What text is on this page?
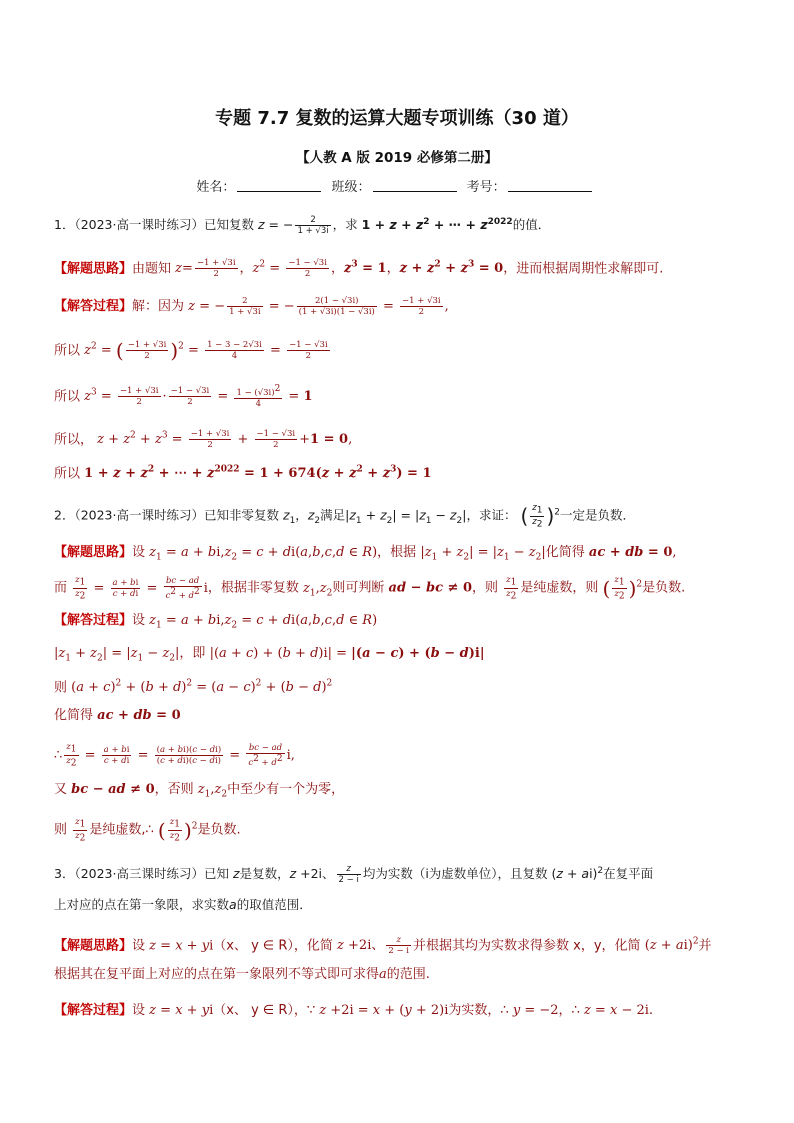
专题 7.7 复数的运算大题专项训练（30 道）
【人教 A 版 2019 必修第二册】
姓名：	班级：	考号：
1．（2023·高一课时练习）已知复数 z = − $\frac{2}{1 + √3i}$ ，求 $1 + z + z^2$ + ⋯ + $z^{2022}$的值．
【解题思路】由题知 $z= \frac{-1 + √3i}{2}$ ，$z^2 = \frac{-1 - √3i}{2}$ ，$z^3 = 1$，$z + z^2 + z^3 = 0$，进而根据周期性求解即可.
【解答过程】解：因为 z = − $\frac{2}{1 + √3i}$ = − $\frac{2(1 - √3i)}{(1 + √3i)(1 - √3i)} = \frac{-1 + √3i}{2}$ ,
所以 $z^2$ = ( $\frac{-1 + √3i}{2} )^2 = \frac{1 - 3 - 2√3i}{4} = \frac{-1 - √3i}{2}$
所以 $z^3 = \frac{-1 + √3i}{2} \cdot \frac{-1 - √3i}{2} = \frac{1 - (√3i)^2}{4} = 1$
所以， $z + z^2 + z^3 = \frac{-1 + √3i}{2} + \frac{-1 - √3i}{2} +1 = 0$,
所以 $1 + z + z^2$ + ⋯ + $z^{2022} = 1 + 674(z + z^2 + z^3) = 1$
2．（2023·高一课时练习）已知非零复数 $z_1$，$z_2$满足$|z_1 + z_2| = |z_1 - z_2|$，求证： ( $\frac{z_1}{z_2} )^2$一定是负数．
【解题思路】设 $z_1 = a + bi,z_2 = c + di(a,b,c,d$ ∈ R)，根据 $|z_1 + z_2| = |z_1 - z_2|$化简得 ac + db = 0,
而 $\frac{z_1}{z_2} = \frac{a + bi}{c + di} = \frac{bc - ad}{c^2 + d^2}$ i，根据非零复数 $z_1,z_2$则可判断 ad − bc ≠ 0，则 $\frac{z_1}{z_2}$ 是纯虚数，则 ( $\frac{z_1}{z_2} )^2$是负数.
【解答过程】设 $z_1 = a + bi,z_2 = c + di(a,b,c,d$ ∈ R)
$|z_1 + z_2| = |z_1 - z_2|$，即 |(a + c) + (b + d)i| = |(a − c) + (b − d)i|
则 $(a + c)^2 + (b + d)^2 = (a - c)^2 + (b - d)^2$
化简得 ac + db = 0
∴ $\frac{z_1}{z_2} = \frac{a + bi}{c + di} = \frac{(a + bi)(c - di)}{(c + di)(c - di)} = \frac{bc - ad}{c^2 + d^2} i$,
又 bc − ad ≠ 0，否则 $z_1,z_2$中至少有一个为零，
则 $\frac{z_1}{z_2}$ 是纯虚数,∴ ( $\frac{z_1}{z_2} )^2$是负数.
3．（2023·高三课时练习）已知 z是复数，z +2i、 $\frac{z}{2 - i}$ 均为实数（i为虚数单位），且复数 (z + ai)$^2$在复平面
上对应的点在第一象限，求实数a的取值范围．
【解题思路】设 z = x + yi（x、 y ∈ R），化简 z +2i、 $\frac{z}{2 - i}$ 并根据其均为实数求得参数 x，y，化简 (z + ai)$^2$并
根据其在复平面上对应的点在第一象限列不等式即可求得a的范围.
【解答过程】设 z = x + yi（x、 y ∈ R），∵ z +2i = x + (y + 2)i为实数，∴ y = −2，∴ z = x − 2i.
